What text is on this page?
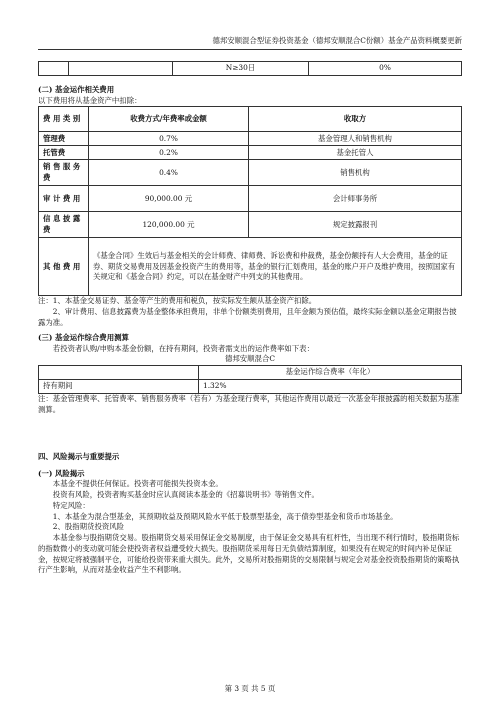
德邦安顺混合型证券投资基金（德邦安顺混合C份额）基金产品资料概要更新
		N≥30日	0%

(二) 基金运作相关费用

以下费用将从基金资产中扣除：

费 用 类 别	收费方式/年费率或金额	收取方
管理费	0.7%	基金管理人和销售机构
托管费	0.2%	基金托管人
销 售 服 务费	0.4%	销售机构
审 计 费 用	90,000.00 元	会计师事务所
信 息 披 露费	120,000.00 元	规定披露报刊
其 他 费 用	《基金合同》生效后与基金相关的会计师费、律师费、诉讼费和仲裁费，基金份额持有人大会费用，基金的证券、期货交易费用及因基金投资产生的费用等，基金的银行汇划费用，基金的账户开户及维护费用，按照国家有关规定和《基金合同》约定，可以在基金财产中列支的其他费用。	

注：1、本基金交易证券、基金等产生的费用和税负，按实际发生额从基金资产扣除。

2、审计费用、信息披露费为基金整体承担费用，非单个份额类别费用，且年金额为预估值，最终实际金额以基金定期报告披露为准。

(三) 基金运作综合费用测算

若投资者认购/申购本基金份额，在持有期间，投资者需支出的运作费率如下表：

德邦安顺混合C

	基金运作综合费率（年化）
持有期间	1.32%

注：基金管理费率、托管费率、销售服务费率（若有）为基金现行费率，其他运作费用以最近一次基金年报披露的相关数据为基准测算。

四、风险揭示与重要提示

(一) 风险揭示

本基金不提供任何保证。投资者可能损失投资本金。

投资有风险，投资者购买基金时应认真阅读本基金的《招募说明书》等销售文件。

特定风险：

1、本基金为混合型基金，其预期收益及预期风险水平低于股票型基金，高于债券型基金和货币市场基金。

2、股指期货投资风险

本基金参与股指期货交易。股指期货交易采用保证金交易制度，由于保证金交易具有杠杆性，当出现不利行情时，股指期货标的指数微小的变动就可能会使投资者权益遭受较大损失。股指期货采用每日无负债结算制度，如果没有在规定的时间内补足保证金，按规定将被强制平仓，可能给投资带来重大损失。此外，交易所对股指期货的交易限制与规定会对基金投资股指期货的策略执行产生影响，从而对基金收益产生不利影响。

第 3 页 共 5 页
